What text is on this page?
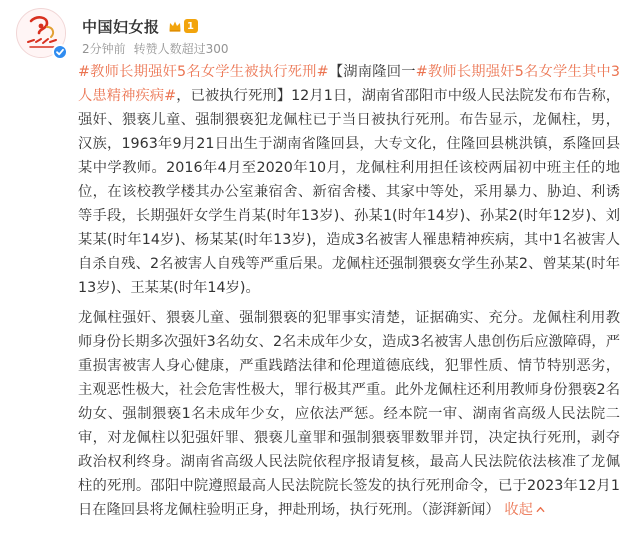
中国妇女报	1
2分钟前 转赞人数超过300

#教师长期强奸5名女学生被执行死刑#【湖南隆回一#教师长期强奸5名女学生其中3人患精神疾病#，已被执行死刑】12月1日，湖南省邵阳市中级人民法院发布布告称，强奸、猥亵儿童、强制猥亵犯龙佩柱已于当日被执行死刑。布告显示，龙佩柱，男，汉族，1963年9月21日出生于湖南省隆回县，大专文化，住隆回县桃洪镇，系隆回县某中学教师。2016年4月至2020年10月，龙佩柱利用担任该校两届初中班主任的地位，在该校教学楼其办公室兼宿舍、新宿舍楼、其家中等处，采用暴力、胁迫、利诱等手段，长期强奸女学生肖某(时年13岁)、孙某1(时年14岁)、孙某2(时年12岁)、刘某某(时年14岁)、杨某某(时年13岁)，造成3名被害人罹患精神疾病，其中1名被害人自杀自残、2名被害人自残等严重后果。龙佩柱还强制猥亵女学生孙某2、曾某某(时年13岁)、王某某(时年14岁)。

龙佩柱强奸、猥亵儿童、强制猥亵的犯罪事实清楚，证据确实、充分。龙佩柱利用教师身份长期多次强奸3名幼女、2名未成年少女，造成3名被害人患创伤后应激障碍，严重损害被害人身心健康，严重践踏法律和伦理道德底线，犯罪性质、情节特别恶劣，主观恶性极大，社会危害性极大，罪行极其严重。此外龙佩柱还利用教师身份猥亵2名幼女、强制猥亵1名未成年少女，应依法严惩。经本院一审、湖南省高级人民法院二审，对龙佩柱以犯强奸罪、猥亵儿童罪和强制猥亵罪数罪并罚，决定执行死刑，剥夺政治权利终身。湖南省高级人民法院依程序报请复核，最高人民法院依法核准了龙佩柱的死刑。邵阳中院遵照最高人民法院院长签发的执行死刑命令，已于2023年12月1日在隆回县将龙佩柱验明正身，押赴刑场，执行死刑。（澎湃新闻） 收起
